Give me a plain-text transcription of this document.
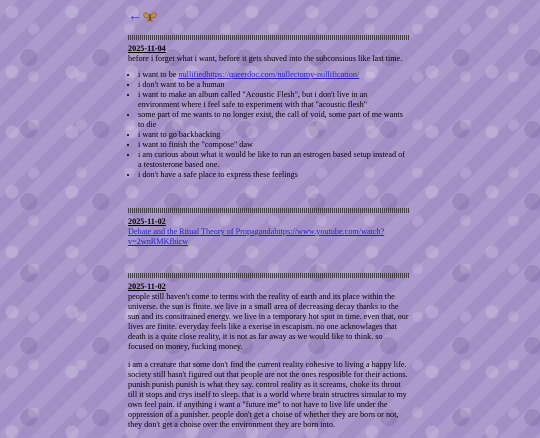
←

2025-11-04

before i forget what i want, before it gets shuved into the subconsious like last time.

• i want to be nullifiedhttps://queerdoc.com/nullectomy-nullification/
• i don't want to be a human
• i want to make an album called "Acoustic Flesh", but i don't live in an environment where i feel safe to experiment with that "acoustic flesh"
• some part of me wants to no longer exist, the call of void, some part of me wants to die
• i want to go backbacking
• i want to finish the "compose" daw
• i am curious about what it would be like to run an estrogen based setup instead of a testosterone based one.
• i don't have a safe place to express these feelings

2025-11-02

Debate and the Ritual Theory of Propagandahttps://www.youtube.com/watch?v=2wnRMKfbicw

2025-11-02

people still haven't come to terms with the reality of earth and its place within the universe. the sun is finite. we live in a small area of decreasing decay thanks to the sun and its consitrained energy. we live in a temporary hot spot in time. even that, our lives are finite. everyday feels like a exerise in escapism. no one acknowlages that death is a quite close reality, it is not as far away as we would like to think. so focused on money, fucking money.

i am a creature that some don't find the current reality cohesive to living a happy life. society still hasn't figured out that people are not the ones resposible for their actions. punish punish punish is what they say. control reality as it screams, choke its throut till it stops and crys itself to sleep. that is a world where brain structres simular to my own feel pain. if anything i want a "future me" to not have to live life under the oppression of a punisher. people don't get a choise of whether they are born or not, they don't get a choise over the environment they are born into.
